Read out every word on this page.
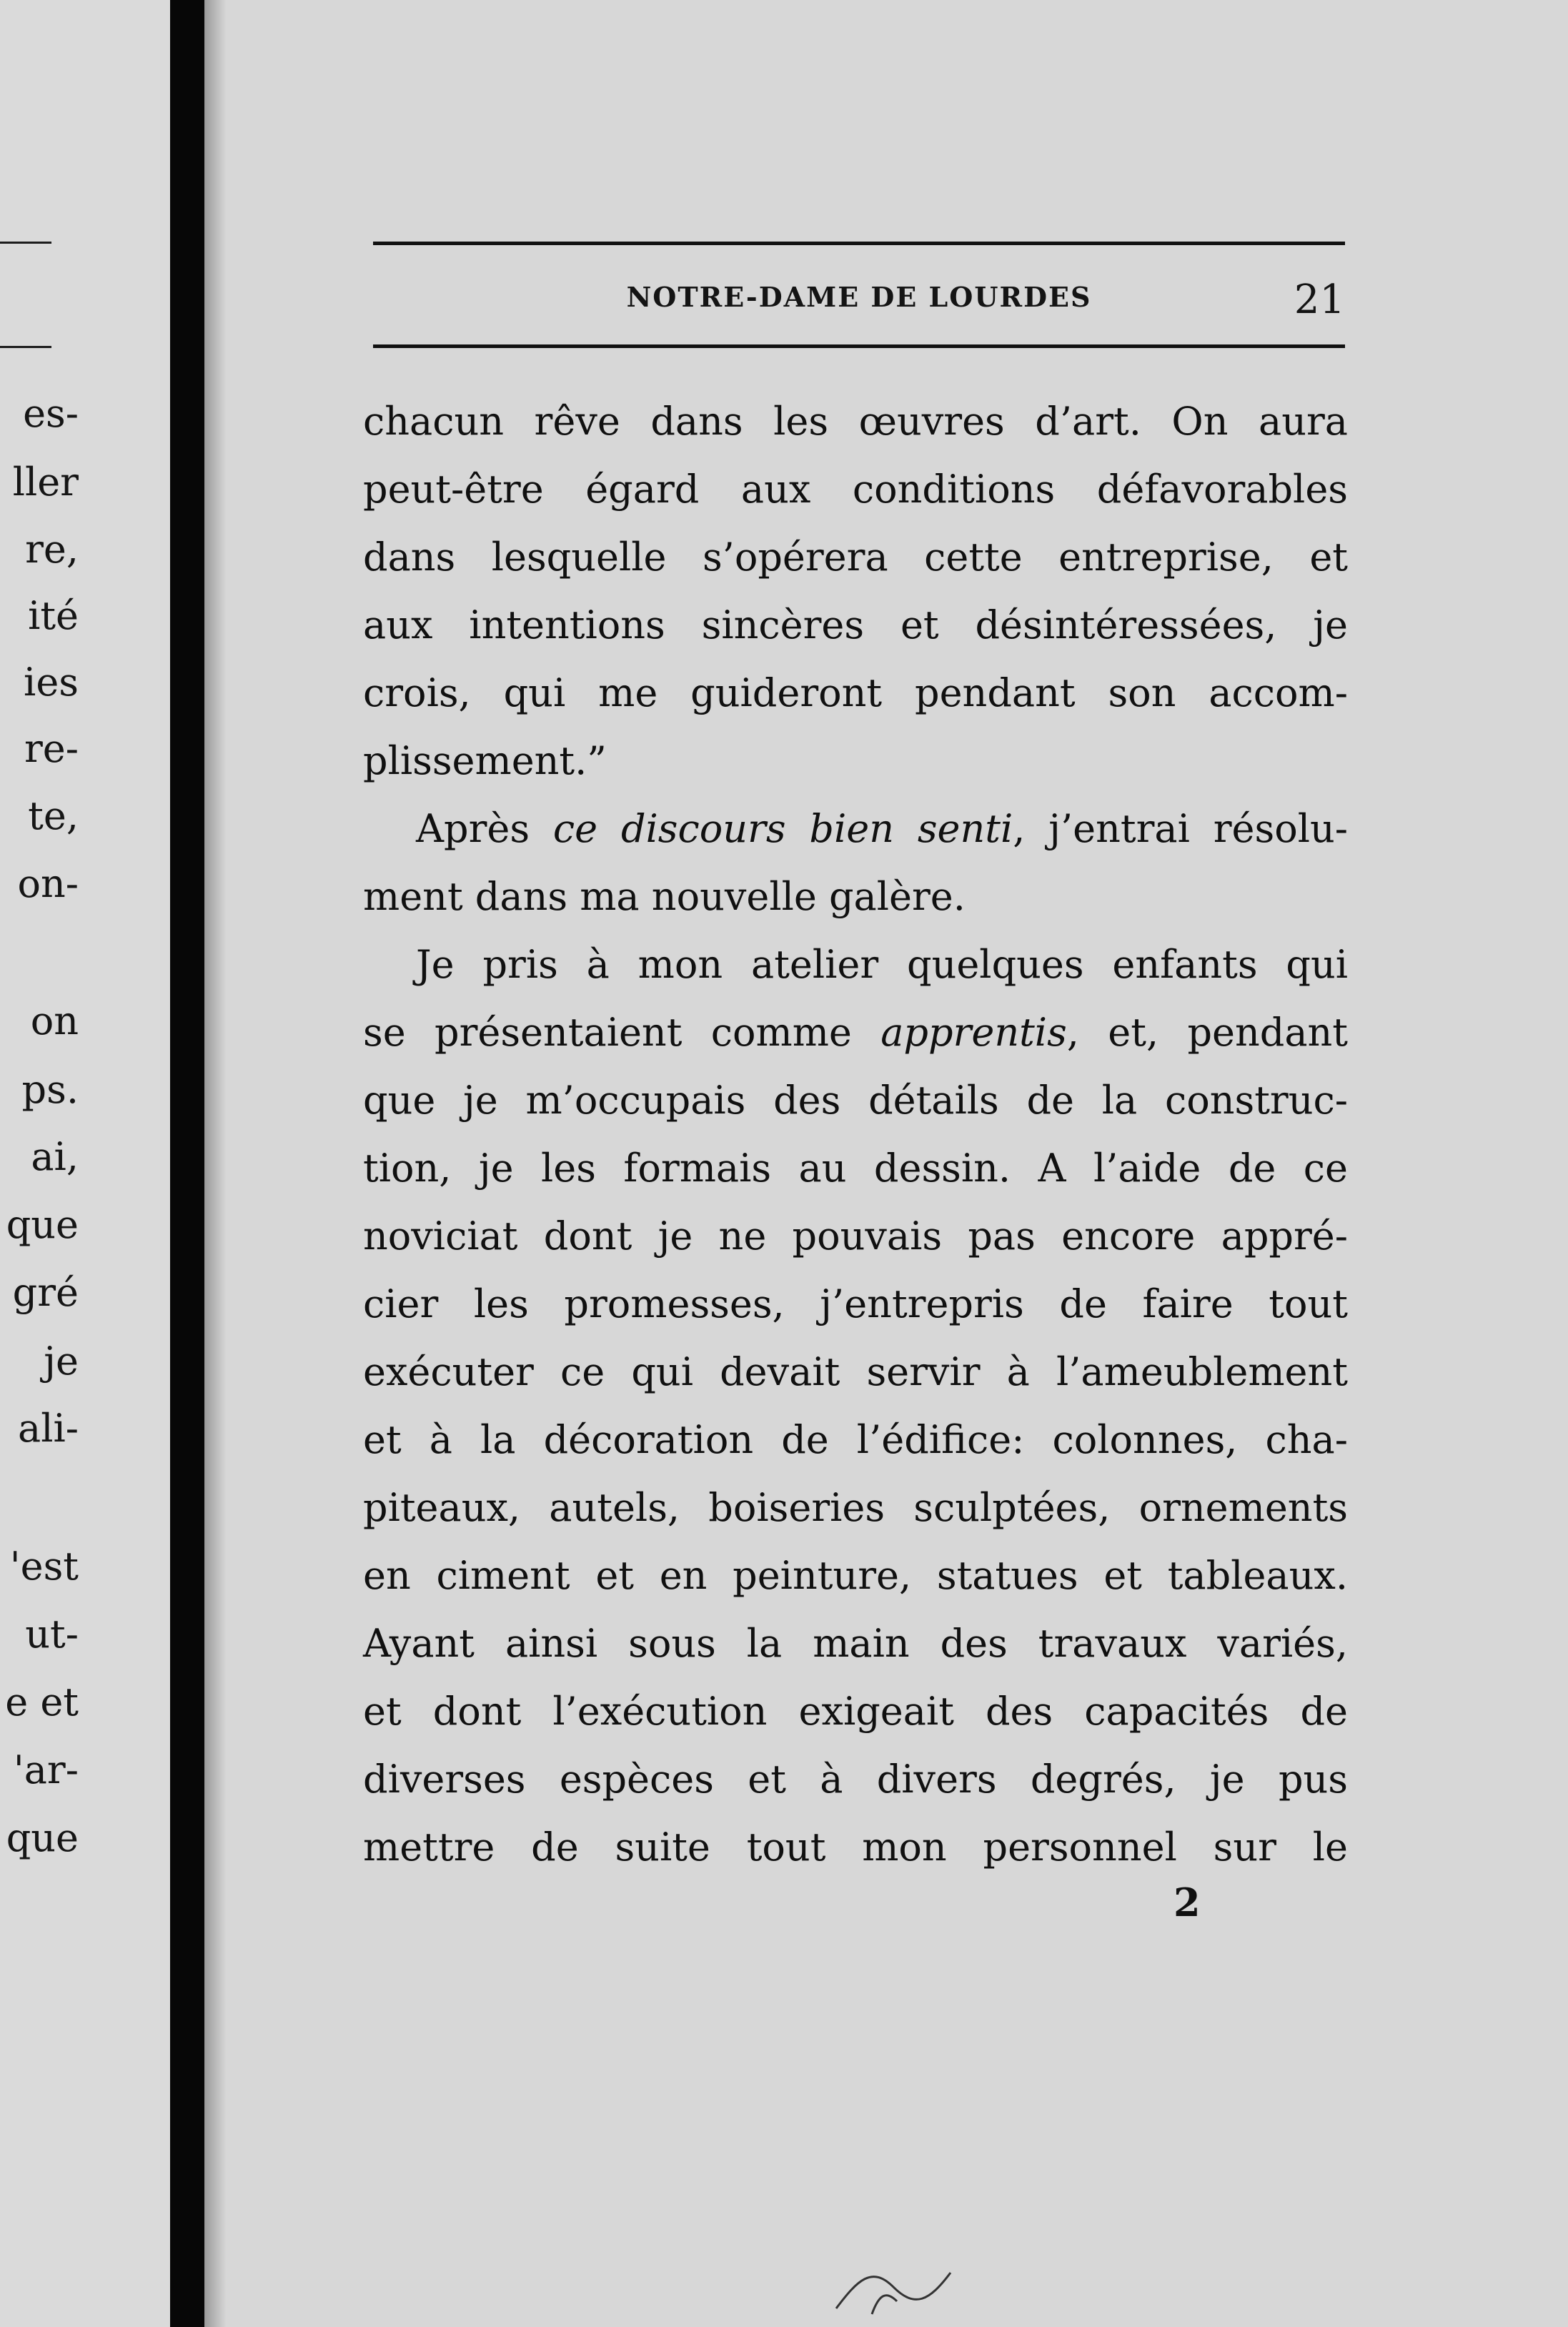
es-
ller
re,
ité
ies
re-
te,
on-
on
ps.
ai,
que
gré
je
ali-
'est
ut-
e et
'ar-
que
NOTRE-DAME DE LOURDES	21
chacun rêve dans les œuvres d’art. On aura
peut-être égard aux conditions défavorables
dans lesquelle s’opérera cette entreprise, et
aux intentions sincères et désintéressées, je
crois, qui me guideront pendant son accom-
plissement.”
Après ce discours bien senti, j’entrai résolu-
ment dans ma nouvelle galère.
Je pris à mon atelier quelques enfants qui
se présentaient comme apprentis, et, pendant
que je m’occupais des détails de la construc-
tion, je les formais au dessin. A l’aide de ce
noviciat dont je ne pouvais pas encore appré-
cier les promesses, j’entrepris de faire tout
exécuter ce qui devait servir à l’ameublement
et à la décoration de l’édifice: colonnes, cha-
piteaux, autels, boiseries sculptées, ornements
en ciment et en peinture, statues et tableaux.
Ayant ainsi sous la main des travaux variés,
et dont l’exécution exigeait des capacités de
diverses espèces et à divers degrés, je pus
mettre de suite tout mon personnel sur le
2
